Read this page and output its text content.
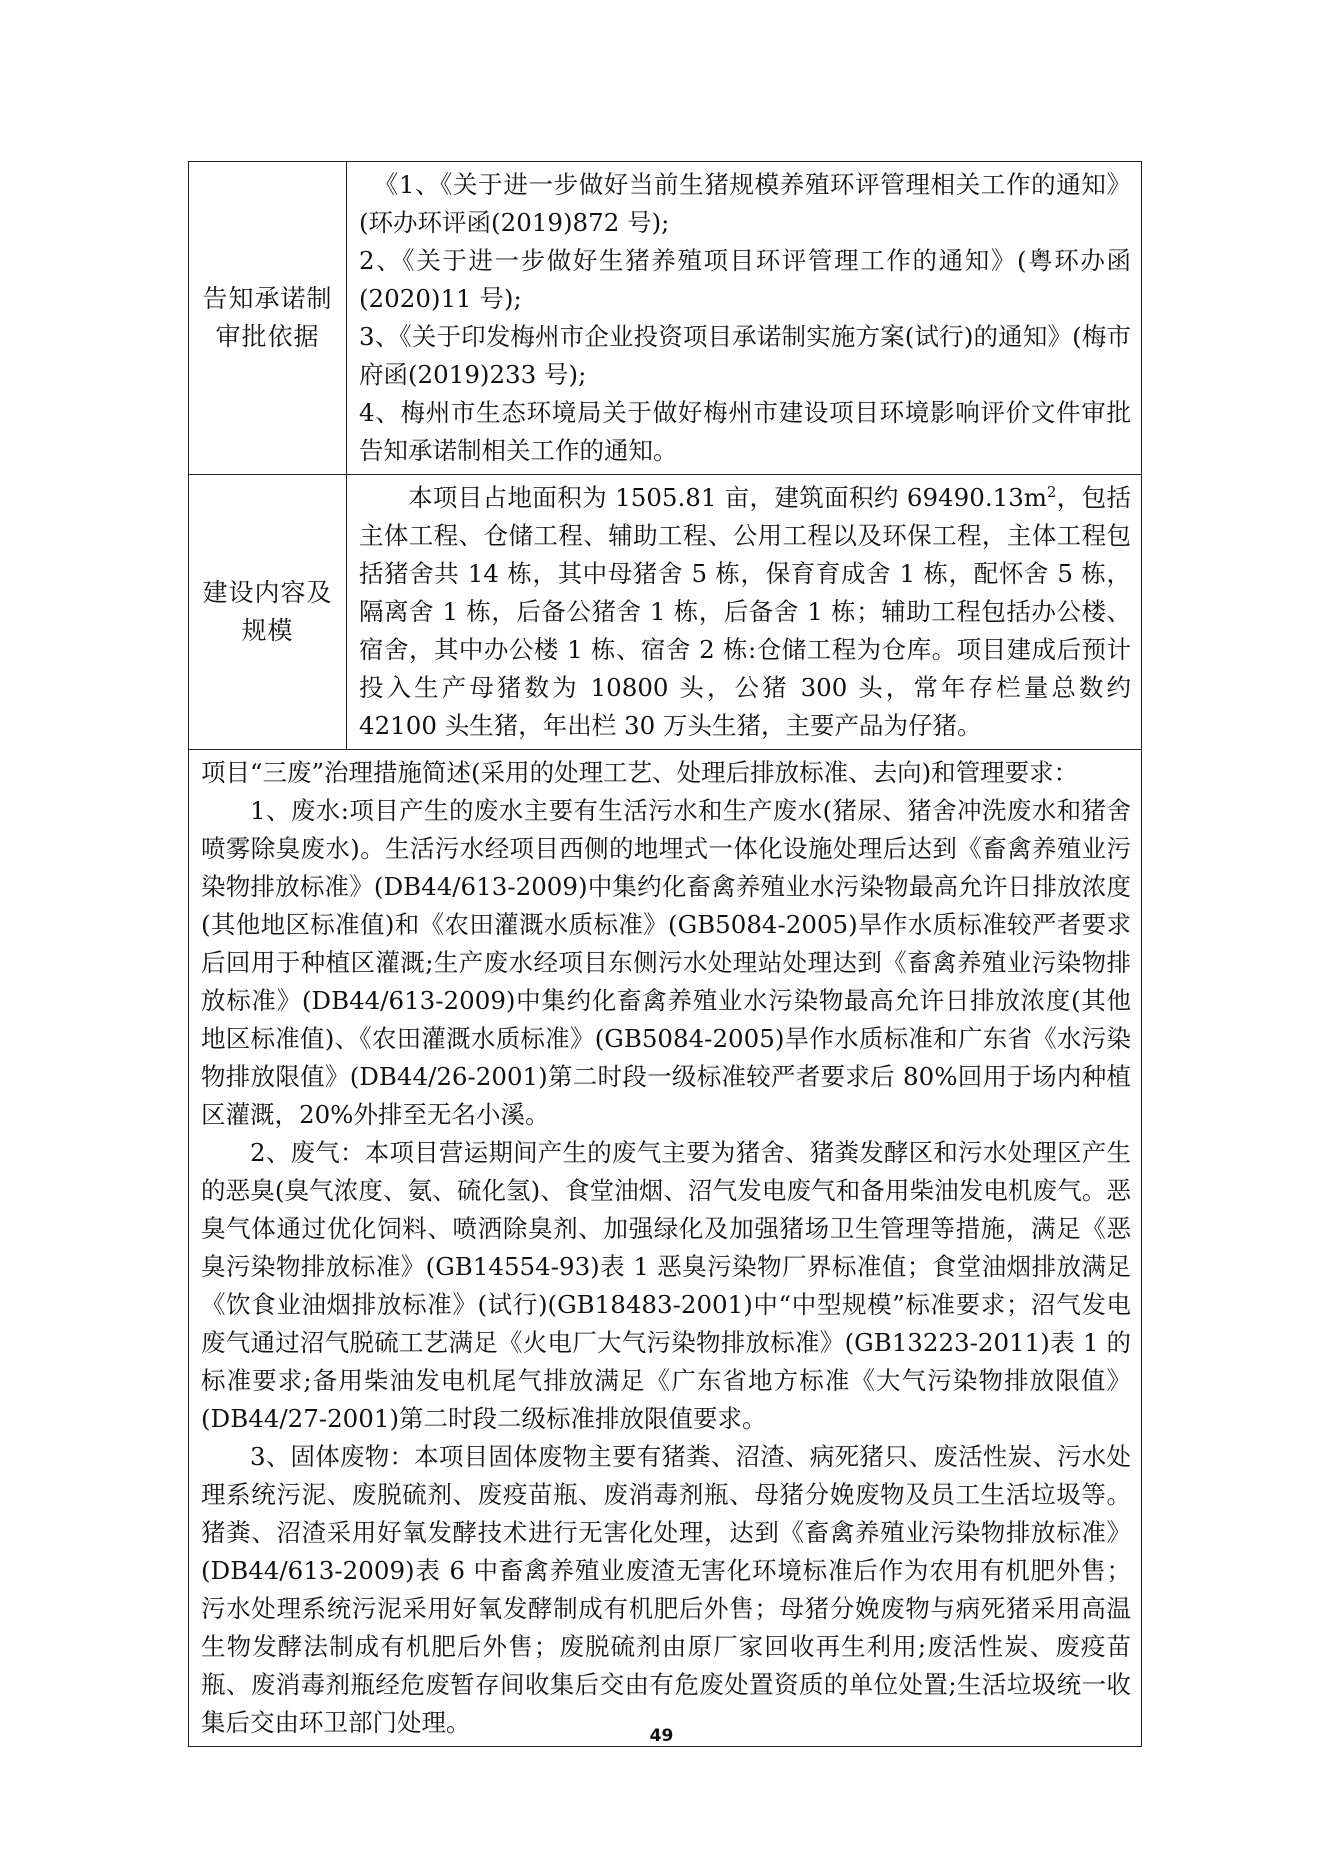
告知承诺制
审批依据	《1、《关于进一步做好当前生猪规模养殖环评管理相关工作的通知》(环办环评函(2019)872 号);
2、《关于进一步做好生猪养殖项目环评管理工作的通知》(粤环办函(2020)11 号);
3、《关于印发梅州市企业投资项目承诺制实施方案(试行)的通知》(梅市府函(2019)233 号);
4、梅州市生态环境局关于做好梅州市建设项目环境影响评价文件审批告知承诺制相关工作的通知。

建设内容及
规模	本项目占地面积为 1505.81 亩，建筑面积约 $69490.13m^2$，包括主体工程、仓储工程、辅助工程、公用工程以及环保工程，主体工程包括猪舍共 14 栋，其中母猪舍 5 栋，保育育成舍 1 栋，配怀舍 5 栋，隔离舍 1 栋，后备公猪舍 1 栋，后备舍 1 栋；辅助工程包括办公楼、宿舍，其中办公楼 1 栋、宿舍 2 栋:仓储工程为仓库。项目建成后预计投入生产母猪数为 10800 头，公猪 300 头，常年存栏量总数约 42100 头生猪，年出栏 30 万头生猪，主要产品为仔猪。

项目“三废”治理措施简述(采用的处理工艺、处理后排放标准、去向)和管理要求：
1、废水:项目产生的废水主要有生活污水和生产废水(猪尿、猪舍冲洗废水和猪舍喷雾除臭废水)。生活污水经项目西侧的地埋式一体化设施处理后达到《畜禽养殖业污染物排放标准》(DB44/613-2009)中集约化畜禽养殖业水污染物最高允许日排放浓度(其他地区标准值)和《农田灌溉水质标准》(GB5084-2005)旱作水质标准较严者要求后回用于种植区灌溉;生产废水经项目东侧污水处理站处理达到《畜禽养殖业污染物排放标准》(DB44/613-2009)中集约化畜禽养殖业水污染物最高允许日排放浓度(其他地区标准值)、《农田灌溉水质标准》(GB5084-2005)旱作水质标准和广东省《水污染物排放限值》(DB44/26-2001)第二时段一级标准较严者要求后 80%回用于场内种植区灌溉，20%外排至无名小溪。
2、废气：本项目营运期间产生的废气主要为猪舍、猪粪发酵区和污水处理区产生的恶臭(臭气浓度、氨、硫化氢)、食堂油烟、沼气发电废气和备用柴油发电机废气。恶臭气体通过优化饲料、喷洒除臭剂、加强绿化及加强猪场卫生管理等措施，满足《恶臭污染物排放标准》(GB14554-93)表 1 恶臭污染物厂界标准值；食堂油烟排放满足《饮食业油烟排放标准》(试行)(GB18483-2001)中“中型规模”标准要求；沼气发电废气通过沼气脱硫工艺满足《火电厂大气污染物排放标准》(GB13223-2011)表 1 的标准要求;备用柴油发电机尾气排放满足《广东省地方标准《大气污染物排放限值》(DB44/27-2001)第二时段二级标准排放限值要求。
3、固体废物：本项目固体废物主要有猪粪、沼渣、病死猪只、废活性炭、污水处理系统污泥、废脱硫剂、废疫苗瓶、废消毒剂瓶、母猪分娩废物及员工生活垃圾等。猪粪、沼渣采用好氧发酵技术进行无害化处理，达到《畜禽养殖业污染物排放标准》(DB44/613-2009)表 6 中畜禽养殖业废渣无害化环境标准后作为农用有机肥外售；污水处理系统污泥采用好氧发酵制成有机肥后外售；母猪分娩废物与病死猪采用高温生物发酵法制成有机肥后外售；废脱硫剂由原厂家回收再生利用;废活性炭、废疫苗瓶、废消毒剂瓶经危废暂存间收集后交由有危废处置资质的单位处置;生活垃圾统一收集后交由环卫部门处理。		49
